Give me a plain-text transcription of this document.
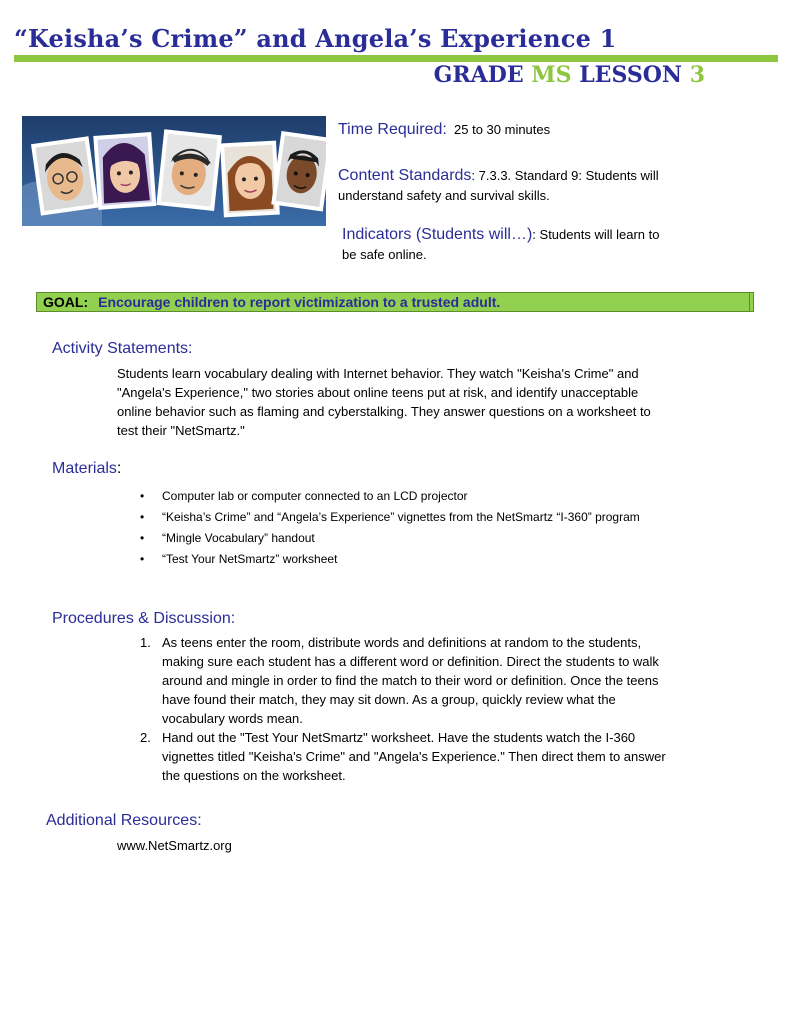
“Keisha’s Crime” and Angela’s Experience 1

GRADE MS LESSON 3

Time Required: 25 to 30 minutes
Content Standards: 7.3.3. Standard 9: Students will understand safety and survival skills.
Indicators (Students will…): Students will learn to be safe online.
GOAL: Encourage children to report victimization to a trusted adult.
Activity Statements:

Students learn vocabulary dealing with Internet behavior. They watch "Keisha's Crime" and "Angela's Experience," two stories about online teens put at risk, and identify unacceptable online behavior such as flaming and cyberstalking. They answer questions on a worksheet to test their "NetSmartz."

Materials:
• Computer lab or computer connected to an LCD projector
• “Keisha’s Crime” and “Angela’s Experience” vignettes from the NetSmartz “I-360” program
• “Mingle Vocabulary” handout
• “Test Your NetSmartz” worksheet
Procedures & Discussion:
1. As teens enter the room, distribute words and definitions at random to the students, making sure each student has a different word or definition. Direct the students to walk around and mingle in order to find the match to their word or definition. Once the teens have found their match, they may sit down. As a group, quickly review what the vocabulary words mean.
2. Hand out the "Test Your NetSmartz" worksheet. Have the students watch the I-360 vignettes titled "Keisha's Crime" and "Angela's Experience." Then direct them to answer the questions on the worksheet.
Additional Resources:

www.NetSmartz.org
